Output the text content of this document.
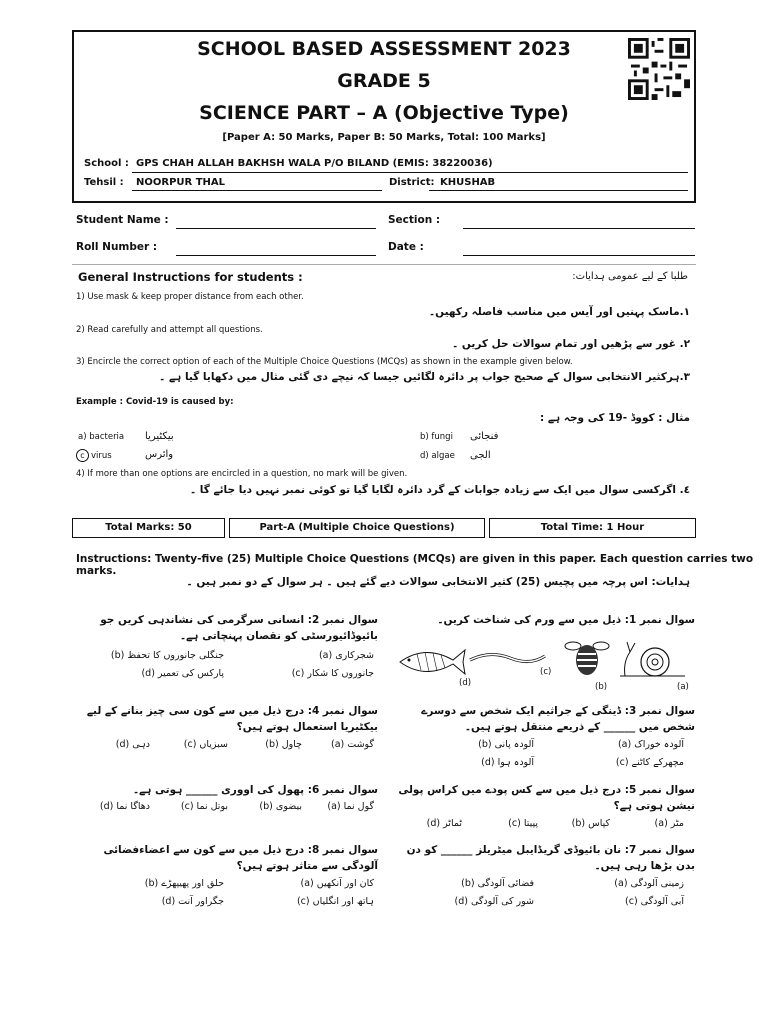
SCHOOL BASED ASSESSMENT 2023
GRADE 5
SCIENCE PART – A (Objective Type)
[Paper A: 50 Marks, Paper B: 50 Marks, Total: 100 Marks]
School : GPS CHAH ALLAH BAKHSH WALA P/O BILAND (EMIS: 38220036)
Tehsil : NOORPUR THAL	District: KHUSHAB
Student Name :	Section :
Roll Number :	Date :
General Instructions for students :	طلبا کے لیے عمومی ہدایات:
1) Use mask & keep proper distance from each other.
١.ماسک پہنیں اور آیس میں مناسب فاصلہ رکھیں۔
2) Read carefully and attempt all questions.
٢. غور سے پڑھیں اور تمام سوالات حل کریں ۔
3) Encircle the correct option of each of the Multiple Choice Questions (MCQs) as shown in the example given below.
٣.ہرکثیر الانتخابی سوال کے صحیح جواب پر دائرہ لگائیں جیسا کہ نیچے دی گئی مثال میں دکھایا گیا ہے ۔
Example : Covid-19 is caused by:
مثال : کووڈ -19 کی وجہ ہے :
a) bacteria بیکٹیریا	b) fungi فنجائی
c virus	وائرس	d) algae الجی
4) If more than one options are encircled in a question, no mark will be given.
٤. اگرکسی سوال میں ایک سے زیادہ جوابات کے گرد دائرہ لگایا گیا تو کوئی نمبر نہیں دیا جائے گا ۔
Total Marks: 50	Part-A (Multiple Choice Questions)	Total Time: 1 Hour
Instructions: Twenty-five (25) Multiple Choice Questions (MCQs) are given in this paper. Each question carries two marks.
ہدایات: اس پرچہ میں پچیس (25) کثیر الانتخابی سوالات دیے گئے ہیں ۔ ہر سوال کے دو نمبر ہیں ۔
سوال نمبر 1: ذیل میں سے ورم کی شناخت کریں۔
(d)
(c)
(b)	(a)
سوال نمبر 2: انسانی سرگرمی کی نشاندہی کریں جو بائیوڈائیورسٹی کو نقصان پہنچاتی ہے۔
شجرکاری (a)
جنگلی جانوروں کا تحفظ (b)
جانوروں کا شکار (c)
پارکس کی تعمیر (d)
سوال نمبر 3: ڈینگی کے جراثیم ایک شخص سے دوسرے شخص میں ______ کے ذریعے منتقل ہوتے ہیں۔
آلودہ خوراک (a)
آلودہ پانی (b)
مچھرکے کاٹنے (c)
آلودہ ہوا (d)
سوال نمبر 4: درج ذیل میں سے کون سی چیز بنانے کے لیے بیکٹیریا استعمال ہوتے ہیں؟
گوشت (a)
چاول (b)
سبزیاں (c)
دہی (d)
سوال نمبر 5: درج ذیل میں سے کس پودے میں کراس پولی نیشن ہوتی ہے؟
مٹر (a)
کپاس (b)
پپیتا (c)
ٹماٹر (d)
سوال نمبر 6: پھول کی اووری ______ ہوتی ہے۔
گول نما (a)
بیضوی (b)
بوتل نما (c)
دھاگا نما (d)
سوال نمبر 7: نان بائیوڈی گریڈایبل میٹریلز ______ کو دن بدن بڑھا رہی ہیں۔
زمینی آلودگی (a)
فضائی آلودگی (b)
آبی آلودگی (c)
شور کی آلودگی (d)
سوال نمبر 8: درج ذیل میں سے کون سے اعضاءفضائی آلودگی سے متاثر ہوتے ہیں؟
کان اور آنکھیں (a)
حلق اور پھیپھڑے (b)
ہاتھ اور انگلیاں (c)
جگراور آنت (d)
